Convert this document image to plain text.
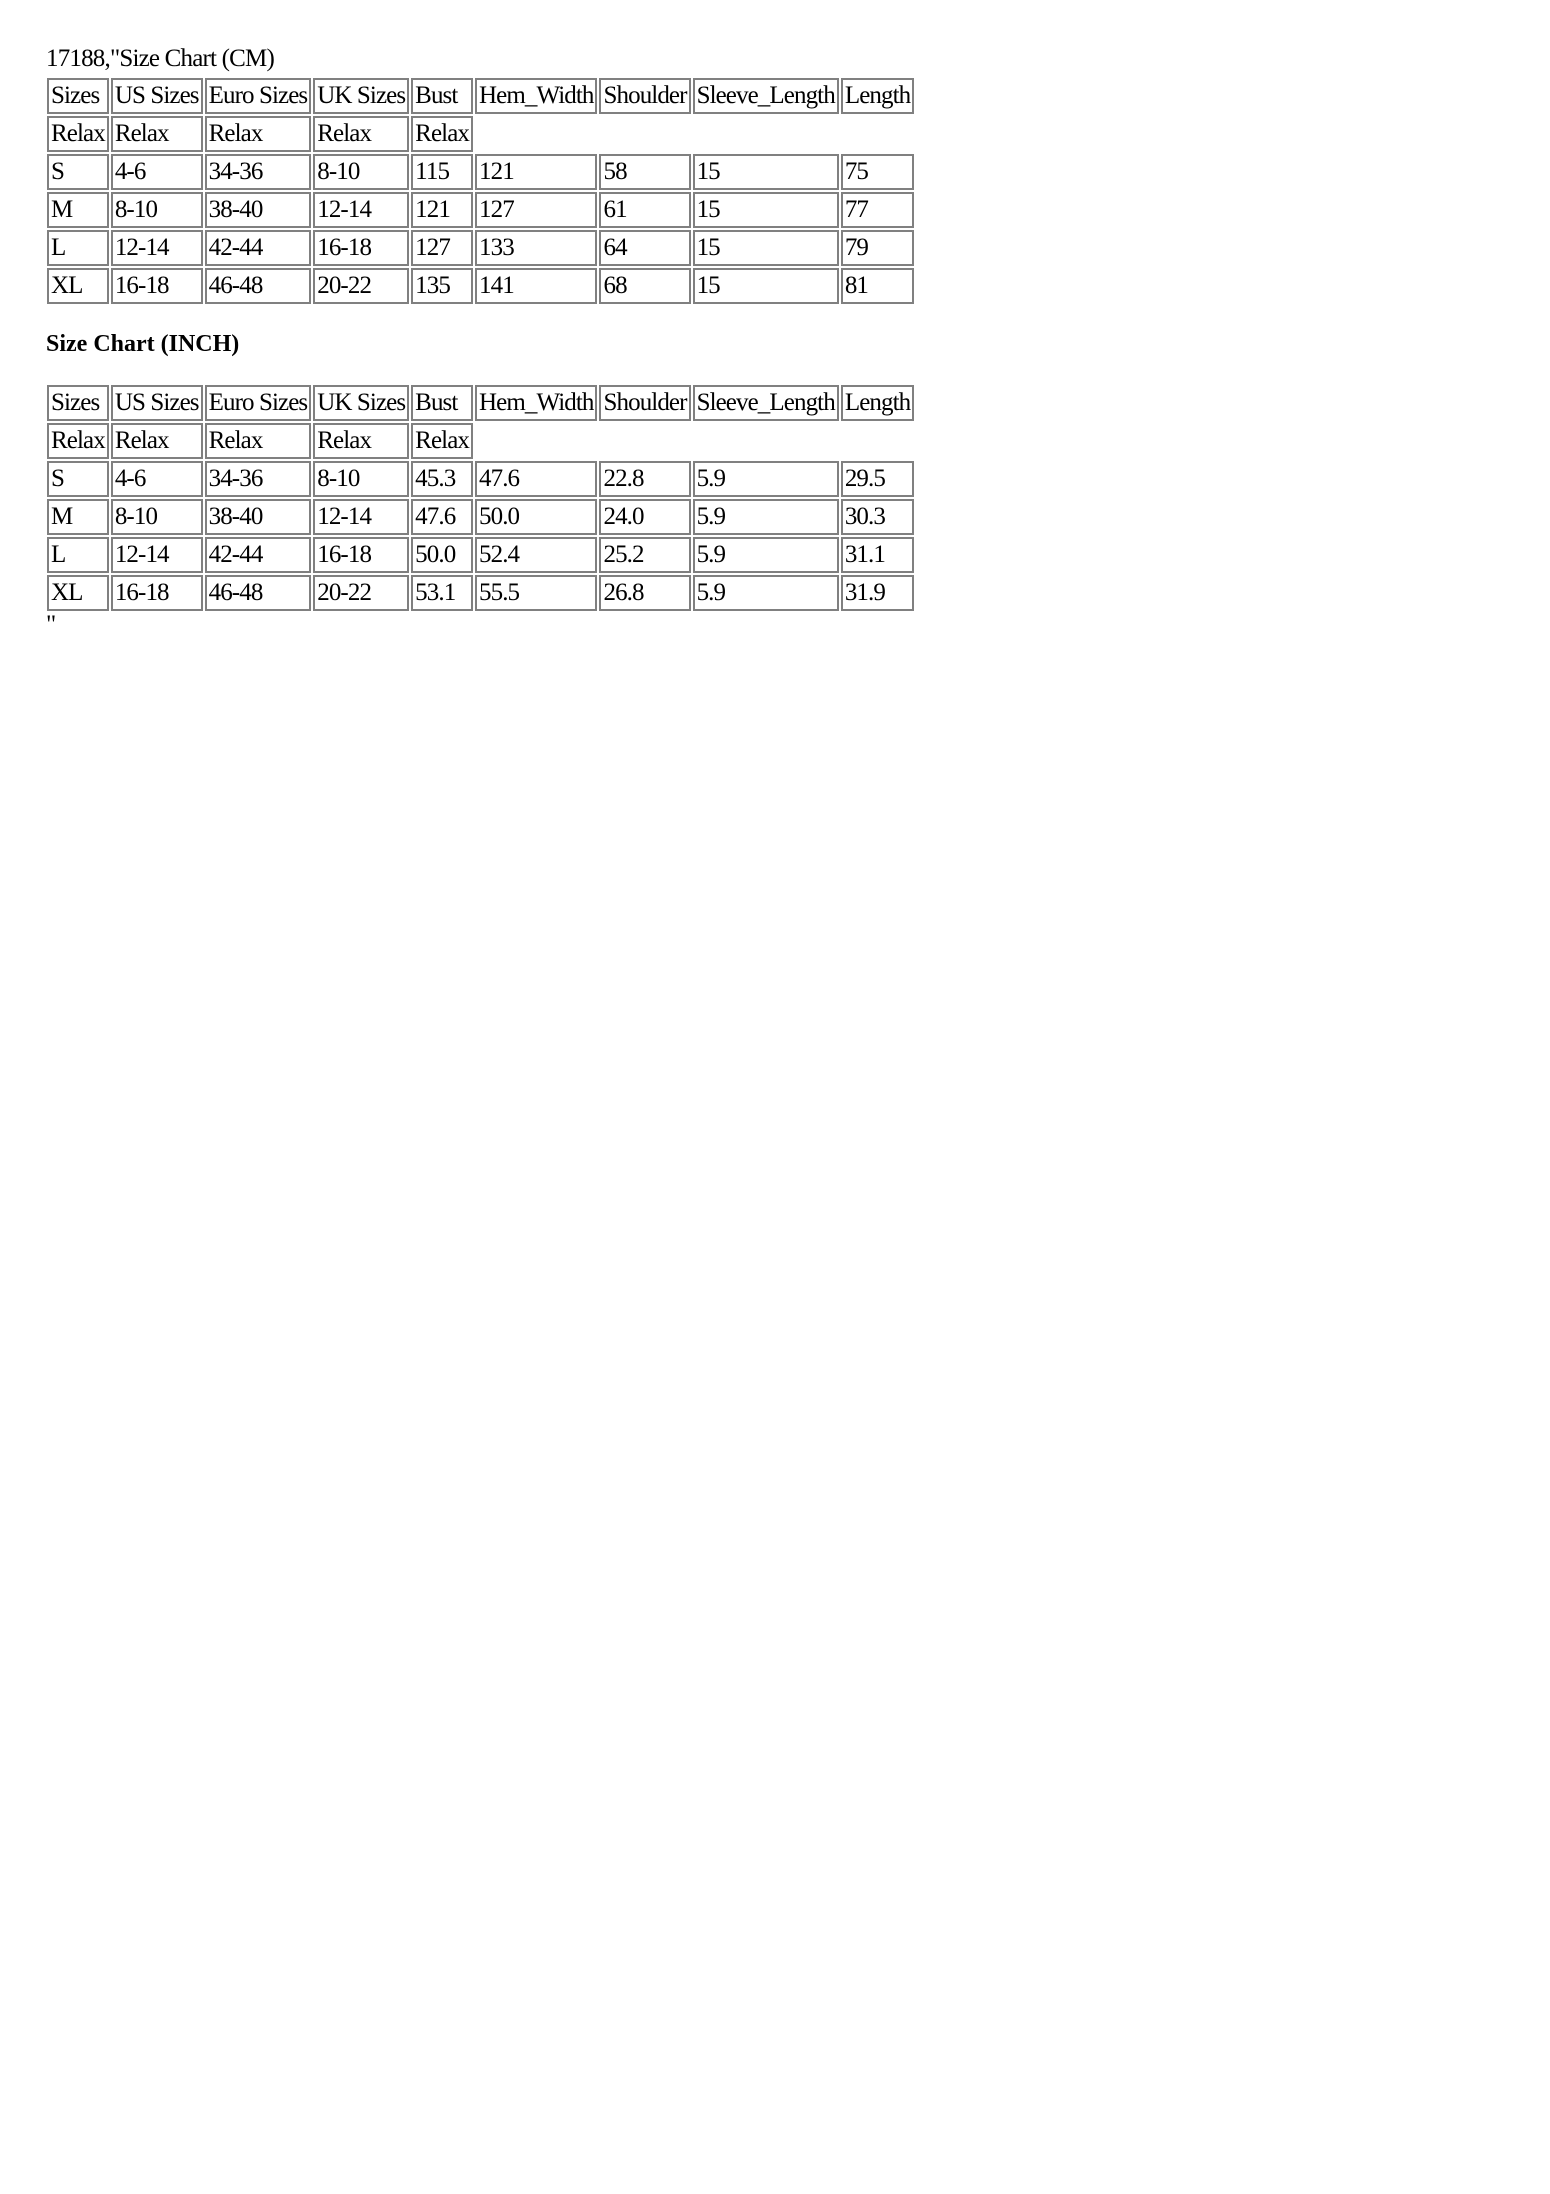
17188,"Size Chart (CM)
Sizes	US Sizes	Euro Sizes	UK Sizes	Bust	Hem_Width	Shoulder	Sleeve_Length	Length
Relax	Relax	Relax	Relax	Relax				
S	4-6	34-36	8-10	115	121	58	15	75
M	8-10	38-40	12-14	121	127	61	15	77
L	12-14	42-44	16-18	127	133	64	15	79
XL	16-18	46-48	20-22	135	141	68	15	81
Size Chart (INCH)
Sizes	US Sizes	Euro Sizes	UK Sizes	Bust	Hem_Width	Shoulder	Sleeve_Length	Length
Relax	Relax	Relax	Relax	Relax				
S	4-6	34-36	8-10	45.3	47.6	22.8	5.9	29.5
M	8-10	38-40	12-14	47.6	50.0	24.0	5.9	30.3
L	12-14	42-44	16-18	50.0	52.4	25.2	5.9	31.1
XL	16-18	46-48	20-22	53.1	55.5	26.8	5.9	31.9
"
